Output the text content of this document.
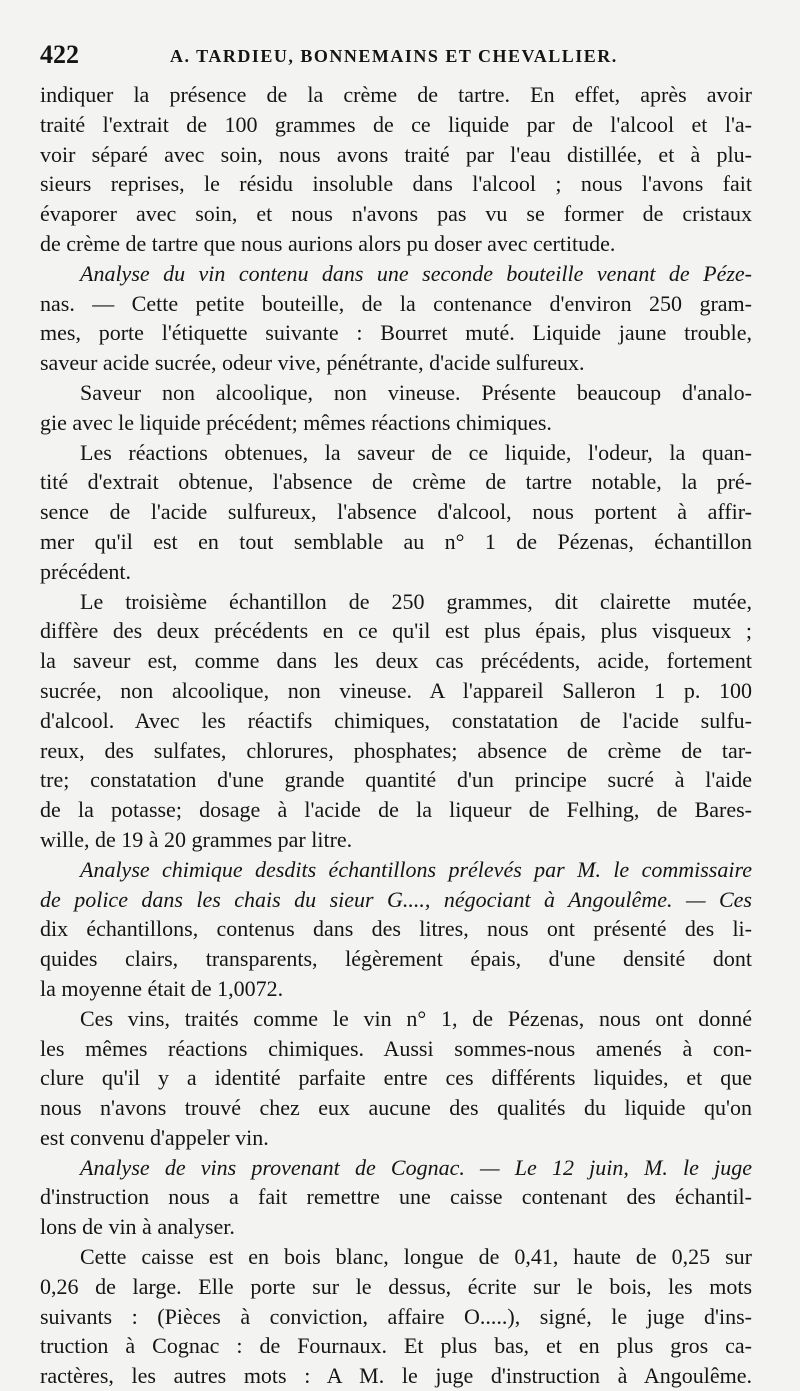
422	A. TARDIEU, BONNEMAINS ET CHEVALLIER.
indiquer la présence de la crème de tartre. En effet, après avoir
traité l'extrait de 100 grammes de ce liquide par de l'alcool et l'a-
voir séparé avec soin, nous avons traité par l'eau distillée, et à plu-
sieurs reprises, le résidu insoluble dans l'alcool ; nous l'avons fait
évaporer avec soin, et nous n'avons pas vu se former de cristaux
de crème de tartre que nous aurions alors pu doser avec certitude.
Analyse du vin contenu dans une seconde bouteille venant de Péze-
nas. — Cette petite bouteille, de la contenance d'environ 250 gram-
mes, porte l'étiquette suivante : Bourret muté. Liquide jaune trouble,
saveur acide sucrée, odeur vive, pénétrante, d'acide sulfureux.
Saveur non alcoolique, non vineuse. Présente beaucoup d'analo-
gie avec le liquide précédent; mêmes réactions chimiques.
Les réactions obtenues, la saveur de ce liquide, l'odeur, la quan-
tité d'extrait obtenue, l'absence de crème de tartre notable, la pré-
sence de l'acide sulfureux, l'absence d'alcool, nous portent à affir-
mer qu'il est en tout semblable au n° 1 de Pézenas, échantillon
précédent.
Le troisième échantillon de 250 grammes, dit clairette mutée,
diffère des deux précédents en ce qu'il est plus épais, plus visqueux ;
la saveur est, comme dans les deux cas précédents, acide, fortement
sucrée, non alcoolique, non vineuse. A l'appareil Salleron 1 p. 100
d'alcool. Avec les réactifs chimiques, constatation de l'acide sulfu-
reux, des sulfates, chlorures, phosphates; absence de crème de tar-
tre; constatation d'une grande quantité d'un principe sucré à l'aide
de la potasse; dosage à l'acide de la liqueur de Felhing, de Bares-
wille, de 19 à 20 grammes par litre.
Analyse chimique desdits échantillons prélevés par M. le commissaire
de police dans les chais du sieur G...., négociant à Angoulême. — Ces
dix échantillons, contenus dans des litres, nous ont présenté des li-
quides clairs, transparents, légèrement épais, d'une densité dont
la moyenne était de 1,0072.
Ces vins, traités comme le vin n° 1, de Pézenas, nous ont donné
les mêmes réactions chimiques. Aussi sommes-nous amenés à con-
clure qu'il y a identité parfaite entre ces différents liquides, et que
nous n'avons trouvé chez eux aucune des qualités du liquide qu'on
est convenu d'appeler vin.
Analyse de vins provenant de Cognac. — Le 12 juin, M. le juge
d'instruction nous a fait remettre une caisse contenant des échantil-
lons de vin à analyser.
Cette caisse est en bois blanc, longue de 0,41, haute de 0,25 sur
0,26 de large. Elle porte sur le dessus, écrite sur le bois, les mots
suivants : (Pièces à conviction, affaire O.....), signé, le juge d'ins-
truction à Cognac : de Fournaux. Et plus bas, et en plus gros ca-
ractères, les autres mots : A M. le juge d'instruction à Angoulême.
